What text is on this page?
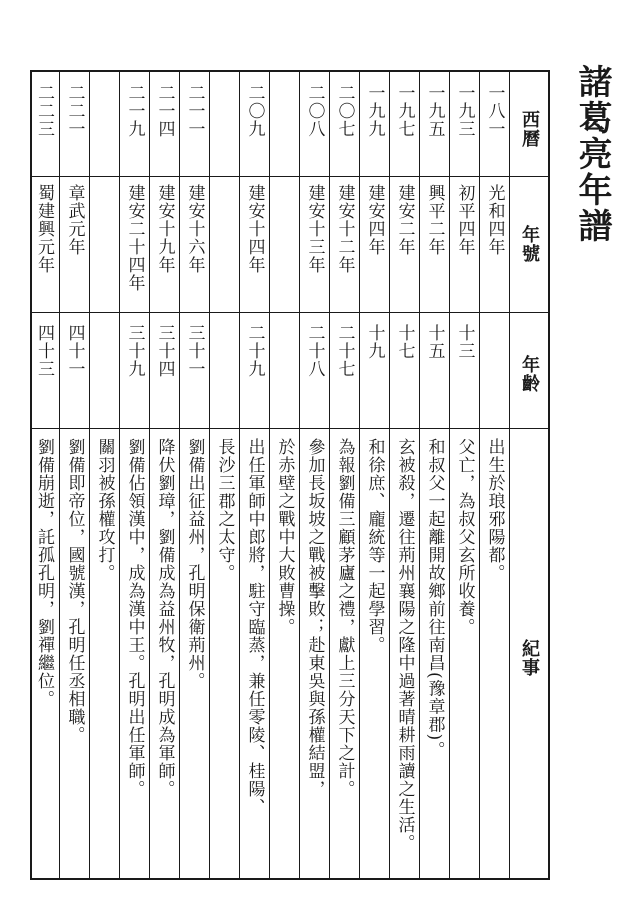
諸葛亮年譜
西曆
年號
年齡
紀事
一八一
光和四年
出生於琅邪陽都。
一九三
初平四年
十三
父亡，為叔父玄所收養。
一九五
興平二年
十五
和叔父一起離開故鄉前往南昌(豫章郡)。
一九七
建安二年
十七
玄被殺，遷往荊州襄陽之隆中過著晴耕雨讀之生活。
一九九
建安四年
十九
和徐庶、龐統等一起學習。
二〇七
建安十二年
二十七
為報劉備三顧茅廬之禮，獻上三分天下之計。
二〇八
建安十三年
二十八
參加長坂坡之戰被擊敗；赴東吳與孫權結盟，
於赤壁之戰中大敗曹操。
二〇九
建安十四年
二十九
出任軍師中郎將，駐守臨蒸，兼任零陵、桂陽、
長沙三郡之太守。
二一一
建安十六年
三十一
劉備出征益州，孔明保衛荊州。
二一四
建安十九年
三十四
降伏劉璋，劉備成為益州牧，孔明成為軍師。
二一九
建安二十四年
三十九
劉備佔領漢中，成為漢中王。孔明出任軍師。
關羽被孫權攻打。
二二一
章武元年
四十一
劉備即帝位，國號漢，孔明任丞相職。
二二三
蜀建興元年
四十三
劉備崩逝，託孤孔明，劉禪繼位。
